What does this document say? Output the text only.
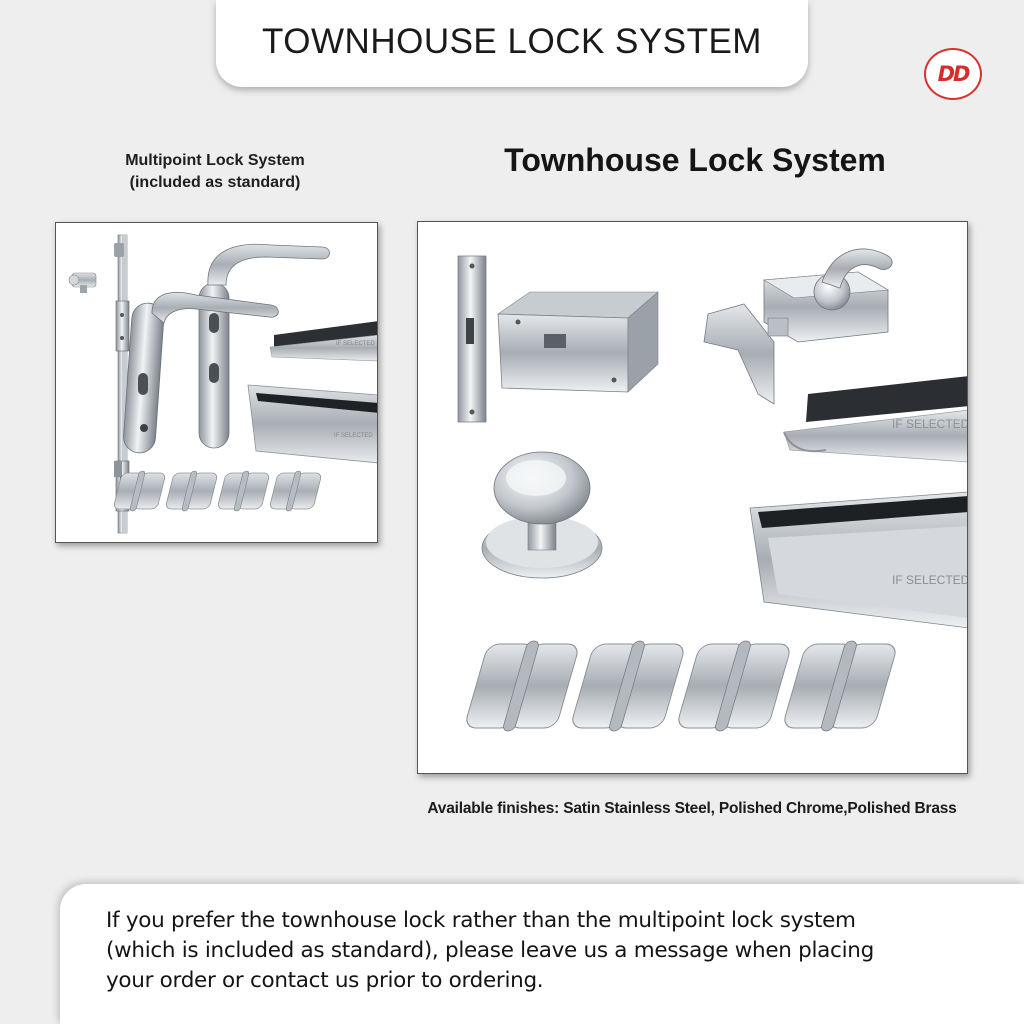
TOWNHOUSE LOCK SYSTEM
DD
Multipoint Lock System
(included as standard)
Townhouse Lock System
IF SELECTED
IF SELECTED
IF SELECTED
IF SELECTED
Available finishes: Satin Stainless Steel, Polished Chrome,Polished Brass

If you prefer the townhouse lock rather than the multipoint lock system
(which is included as standard), please leave us a message when placing
your order or contact us prior to ordering.
